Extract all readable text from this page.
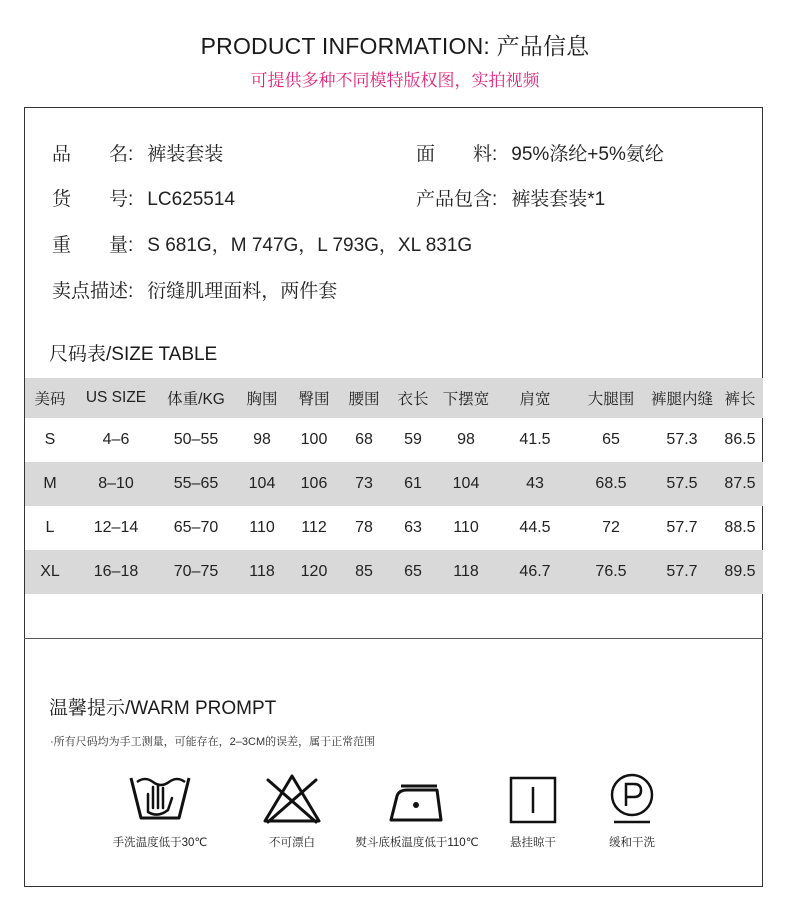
PRODUCT INFORMATION: 产品信息
可提供多种不同模特版权图，实拍视频
品　　名: 裤装套装	面　　料: 95%涤纶+5%氨纶
货　　号: LC625514	产品包含: 裤装套装*1
重　　量: S 681G，M 747G，L 793G，XL 831G
卖点描述: 衍缝肌理面料，两件套
尺码表/SIZE TABLE
美码	US SIZE	体重/KG	胸围	臀围	腰围	衣长	下摆宽	肩宽	大腿围	裤腿内缝	裤长
S	4–6	50–55	98	100	68	59	98	41.5	65	57.3	86.5
M	8–10	55–65	104	106	73	61	104	43	68.5	57.5	87.5
L	12–14	65–70	110	112	78	63	110	44.5	72	57.7	88.5
XL	16–18	70–75	118	120	85	65	118	46.7	76.5	57.7	89.5
温馨提示/WARM PROMPT
·所有尺码均为手工测量，可能存在，2–3CM的误差，属于正常范围
手洗温度低于30℃	不可漂白	熨斗底板温度低于110℃	悬挂晾干	缓和干洗
